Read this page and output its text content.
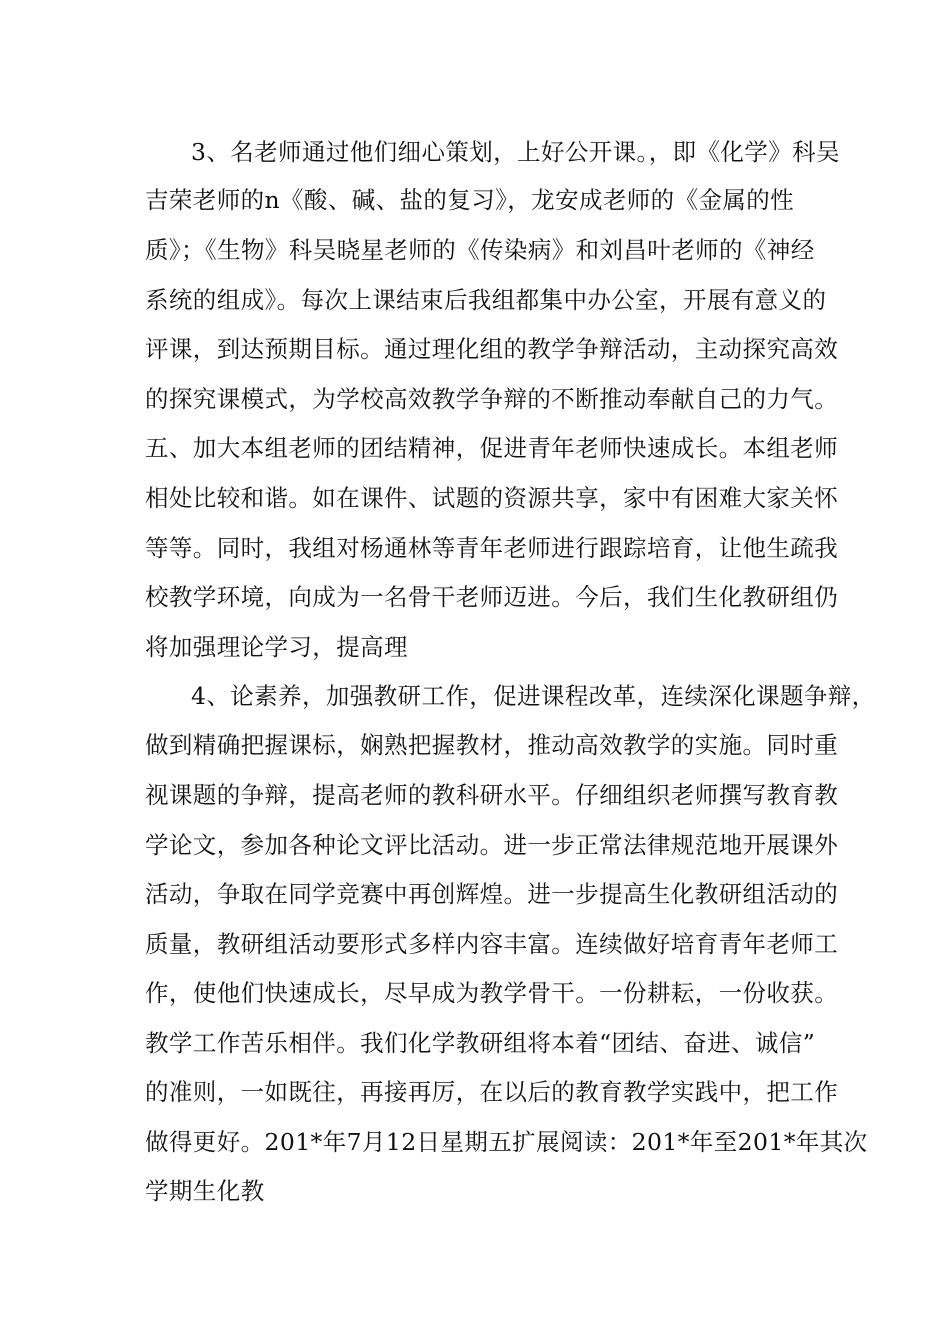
3、名老师通过他们细心策划，上好公开课。，即《化学》科吴
吉荣老师的n《酸、碱、盐的复习》，龙安成老师的《金属的性
质》；《生物》科吴晓星老师的《传染病》和刘昌叶老师的《神经
系统的组成》。每次上课结束后我组都集中办公室，开展有意义的
评课，到达预期目标。通过理化组的教学争辩活动，主动探究高效
的探究课模式，为学校高效教学争辩的不断推动奉献自己的力气。
五、加大本组老师的团结精神，促进青年老师快速成长。本组老师
相处比较和谐。如在课件、试题的资源共享，家中有困难大家关怀
等等。同时，我组对杨通林等青年老师进行跟踪培育，让他生疏我
校教学环境，向成为一名骨干老师迈进。今后，我们生化教研组仍
将加强理论学习，提高理
4、论素养，加强教研工作，促进课程改革，连续深化课题争辩，
做到精确把握课标，娴熟把握教材，推动高效教学的实施。同时重
视课题的争辩，提高老师的教科研水平。仔细组织老师撰写教育教
学论文，参加各种论文评比活动。进一步正常法律规范地开展课外
活动，争取在同学竞赛中再创辉煌。进一步提高生化教研组活动的
质量，教研组活动要形式多样内容丰富。连续做好培育青年老师工
作，使他们快速成长，尽早成为教学骨干。一份耕耘，一份收获。
教学工作苦乐相伴。我们化学教研组将本着“团结、奋进、诚信”
的准则，一如既往，再接再厉，在以后的教育教学实践中，把工作
做得更好。201*年7月12日星期五扩展阅读：201*年至201*年其次
学期生化教
